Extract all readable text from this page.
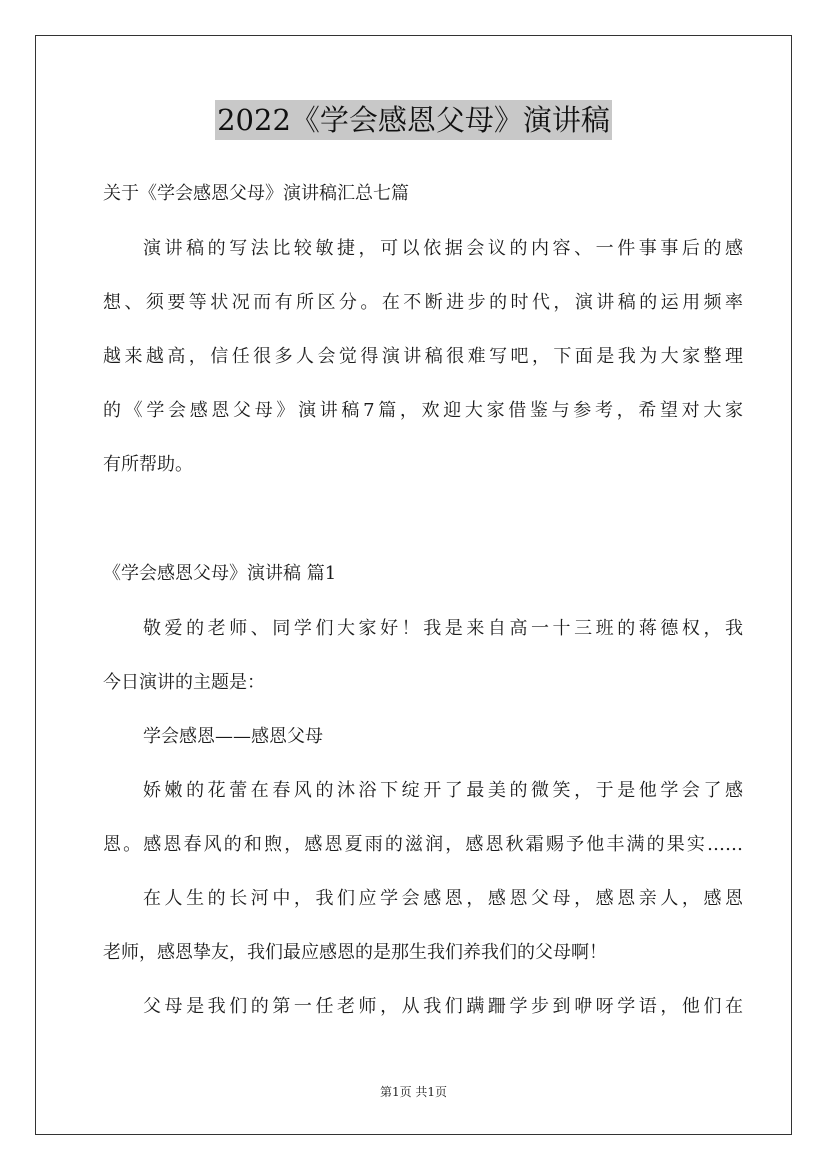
2022《学会感恩父母》演讲稿
关于《学会感恩父母》演讲稿汇总七篇
演讲稿的写法比较敏捷，可以依据会议的内容、一件事事后的感
想、须要等状况而有所区分。在不断进步的时代，演讲稿的运用频率
越来越高，信任很多人会觉得演讲稿很难写吧，下面是我为大家整理
的《学会感恩父母》演讲稿7篇，欢迎大家借鉴与参考，希望对大家
有所帮助。
《学会感恩父母》演讲稿 篇1
敬爱的老师、同学们大家好！我是来自高一十三班的蒋德权，我
今日演讲的主题是：
学会感恩——感恩父母
娇嫩的花蕾在春风的沐浴下绽开了最美的微笑，于是他学会了感
恩。感恩春风的和煦，感恩夏雨的滋润，感恩秋霜赐予他丰满的果实……
在人生的长河中，我们应学会感恩，感恩父母，感恩亲人，感恩
老师，感恩挚友，我们最应感恩的是那生我们养我们的父母啊！
父母是我们的第一任老师，从我们蹒跚学步到咿呀学语，他们在
第1页 共1页
